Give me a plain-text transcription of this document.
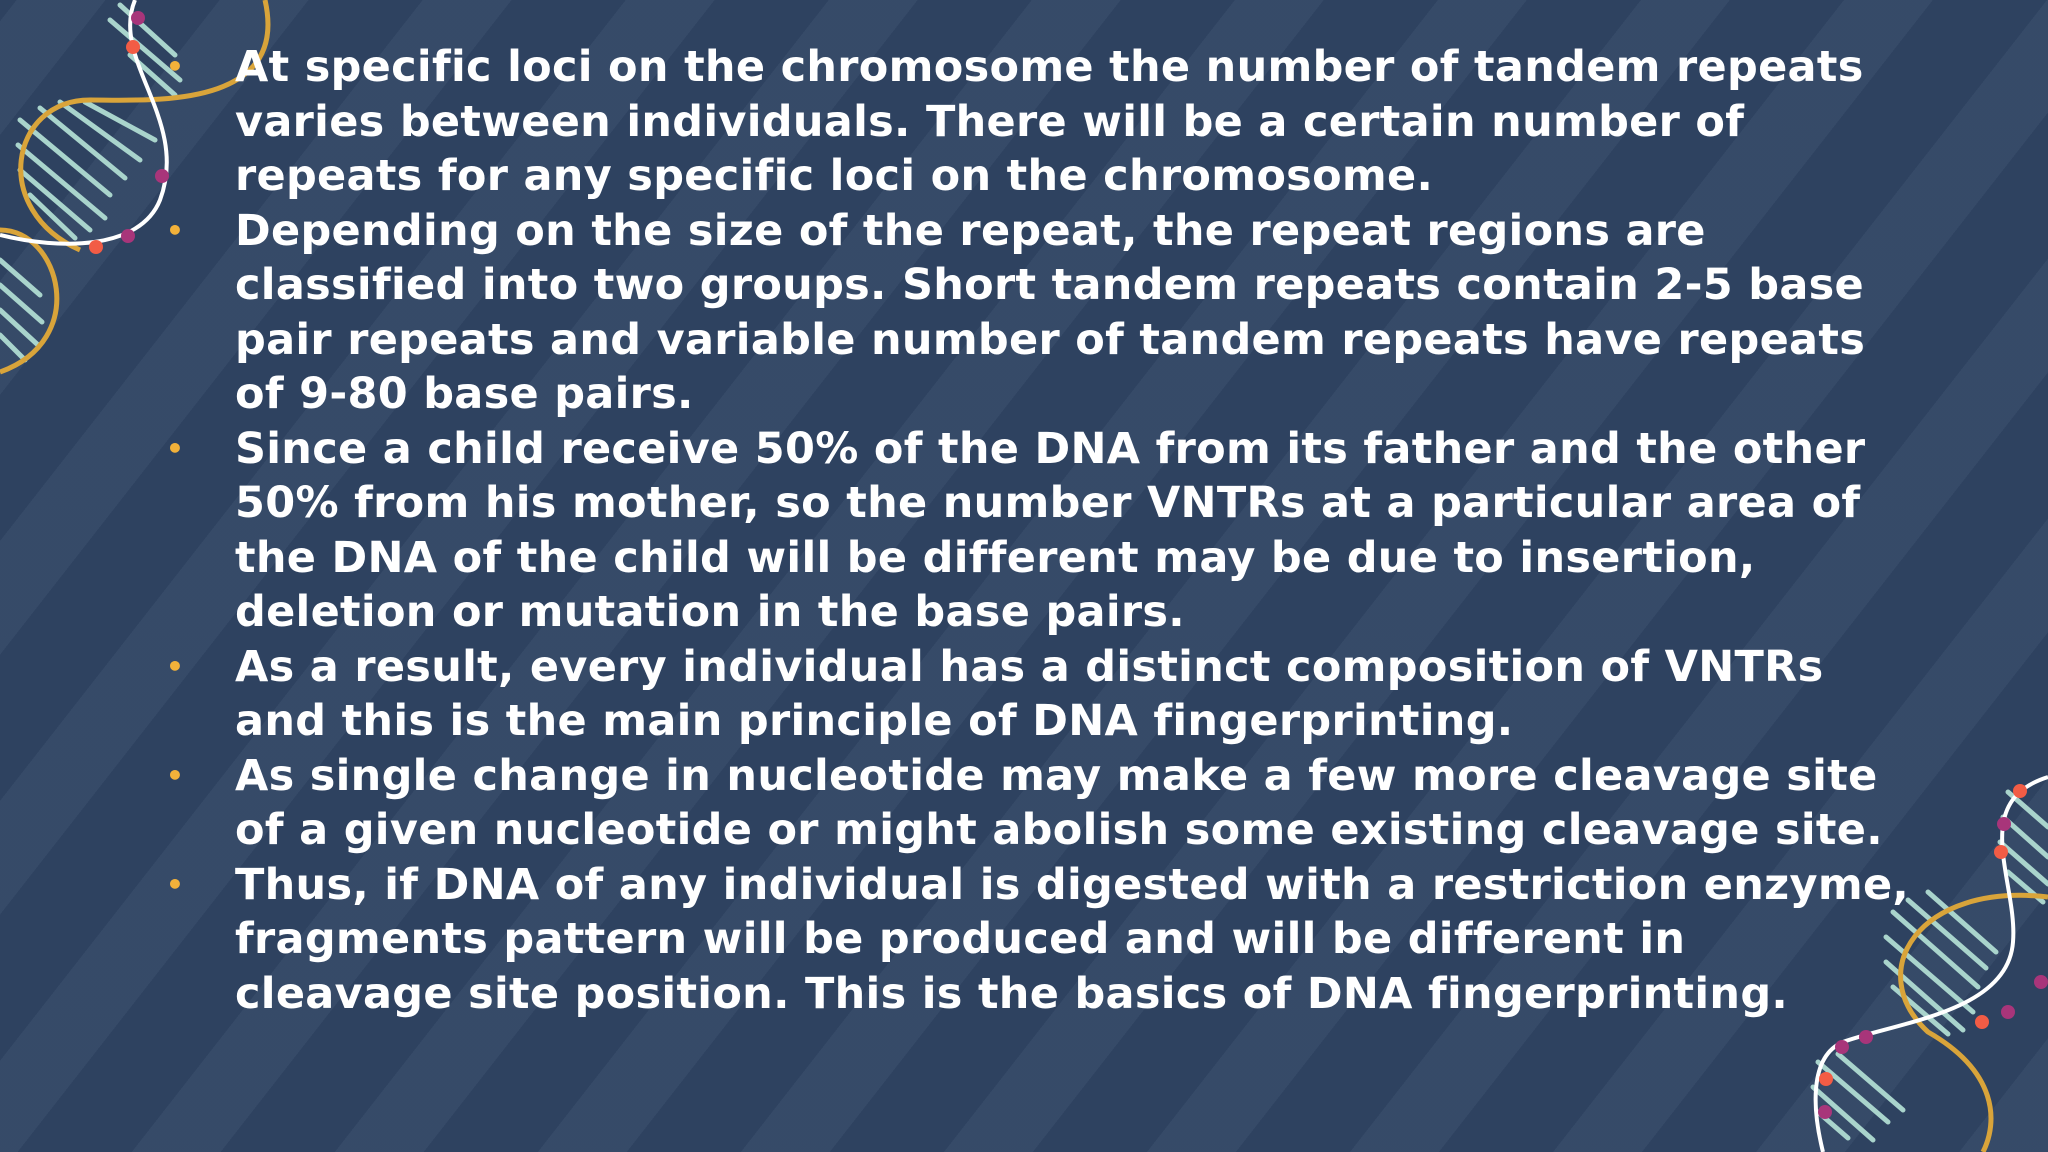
• At specific loci on the chromosome the number of tandem repeats varies between individuals. There will be a certain number of repeats for any specific loci on the chromosome.
• Depending on the size of the repeat, the repeat regions are classified into two groups. Short tandem repeats contain 2-5 base pair repeats and variable number of tandem repeats have repeats of 9-80 base pairs.
• Since a child receive 50% of the DNA from its father and the other 50% from his mother, so the number VNTRs at a particular area of the DNA of the child will be different may be due to insertion, deletion or mutation in the base pairs.
• As a result, every individual has a distinct composition of VNTRs and this is the main principle of DNA fingerprinting.
• As single change in nucleotide may make a few more cleavage site of a given nucleotide or might abolish some existing cleavage site.
• Thus, if DNA of any individual is digested with a restriction enzyme, fragments pattern will be produced and will be different in cleavage site position. This is the basics of DNA fingerprinting.
